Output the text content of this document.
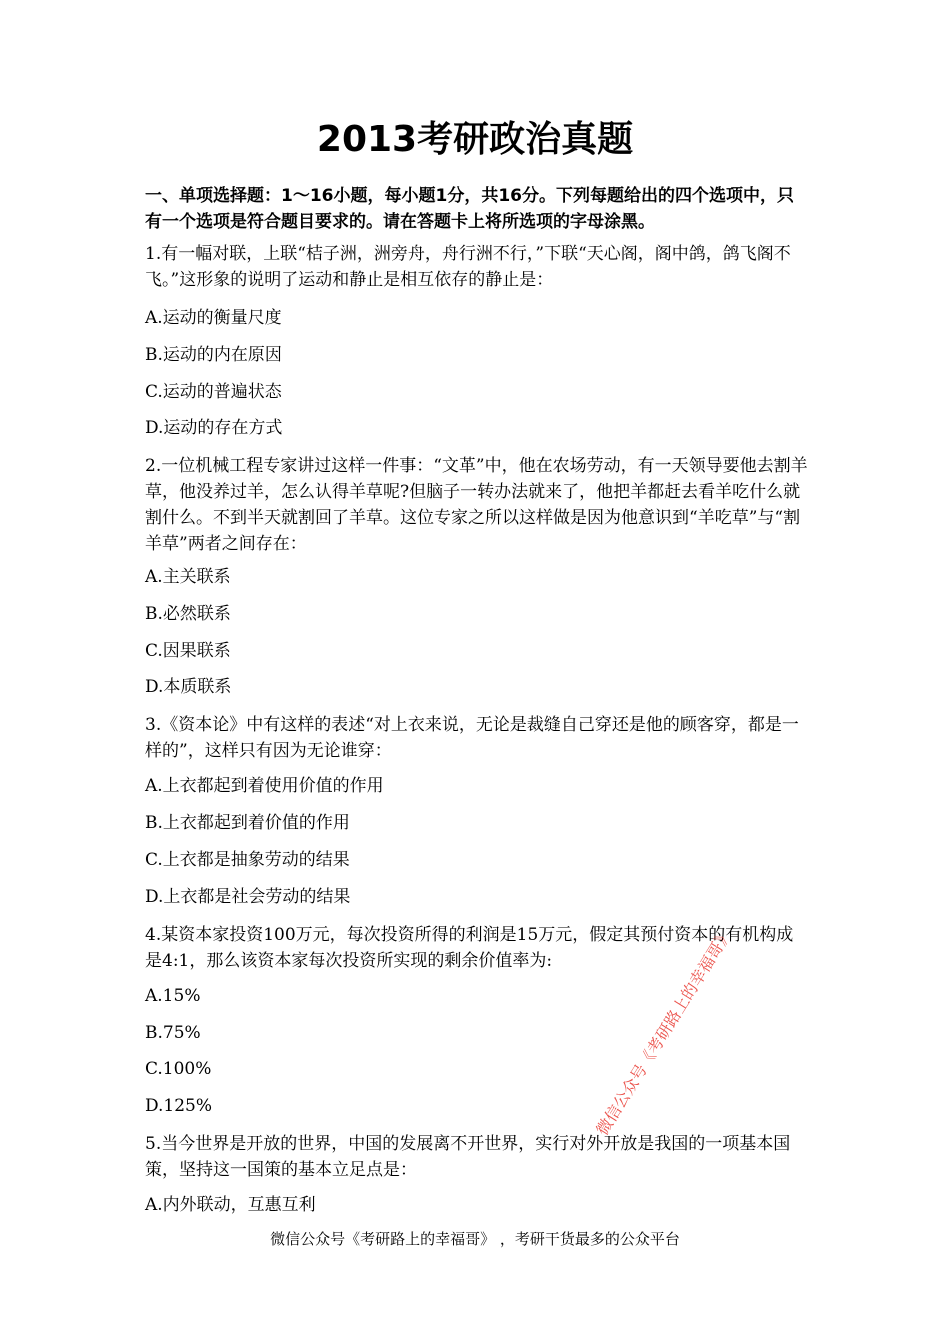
2013考研政治真题

一、单项选择题：1～16小题，每小题1分，共16分。下列每题给出的四个选项中，只有一个选项是符合题目要求的。请在答题卡上将所选项的字母涂黑。

1.有一幅对联，上联“桔子洲，洲旁舟，舟行洲不行，”下联“天心阁，阁中鸽，鸽飞阁不飞。”这形象的说明了运动和静止是相互依存的静止是：

A.运动的衡量尺度

B.运动的内在原因

C.运动的普遍状态

D.运动的存在方式

2.一位机械工程专家讲过这样一件事：“文革”中，他在农场劳动，有一天领导要他去割羊草，他没养过羊，怎么认得羊草呢?但脑子一转办法就来了，他把羊都赶去看羊吃什么就割什么。不到半天就割回了羊草。这位专家之所以这样做是因为他意识到“羊吃草”与“割羊草”两者之间存在：

A.主关联系

B.必然联系

C.因果联系

D.本质联系

3.《资本论》中有这样的表述“对上衣来说，无论是裁缝自己穿还是他的顾客穿，都是一样的”，这样只有因为无论谁穿：

A.上衣都起到着使用价值的作用

B.上衣都起到着价值的作用

C.上衣都是抽象劳动的结果

D.上衣都是社会劳动的结果

4.某资本家投资100万元，每次投资所得的利润是15万元，假定其预付资本的有机构成是4:1，那么该资本家每次投资所实现的剩余价值率为:

A.15%

B.75%

C.100%

D.125%

5.当今世界是开放的世界，中国的发展离不开世界，实行对外开放是我国的一项基本国策，坚持这一国策的基本立足点是：

A.内外联动，互惠互利

微信公众号《考研路上的幸福哥》
微信公众号《考研路上的幸福哥》 ，考研干货最多的公众平台
